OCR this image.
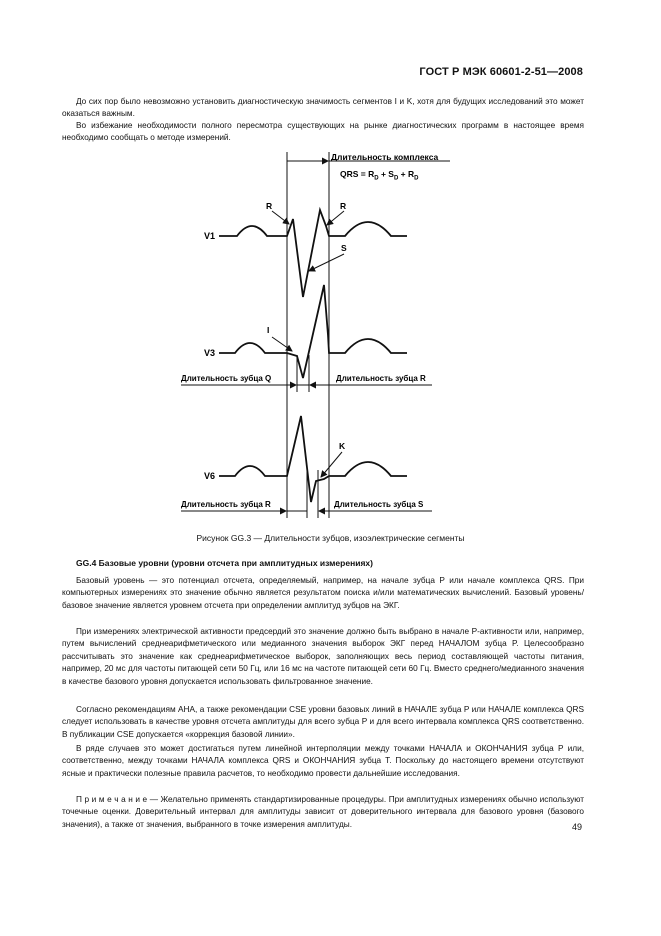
ГОСТ Р МЭК 60601-2-51—2008

До сих пор было невозможно установить диагностическую значимость сегментов I и K, хотя для будущих исследований это может оказаться важным.

Во избежание необходимости полного пересмотра существующих на рынке диагностических программ в настоящее время необходимо сообщать о методе измерений.

Длительность комплекса
QRS = $R_D + S_D + R_D$
V1
R	R
S
V3
I
Длительность зубца Q	Длительность зубца R
V6
K
Длительность зубца R	Длительность зубца S
Рисунок GG.3 — Длительности зубцов, изоэлектрические сегменты
GG.4 Базовые уровни (уровни отсчета при амплитудных измерениях)

Базовый уровень — это потенциал отсчета, определяемый, например, на начале зубца P или начале комплекса QRS. При компьютерных измерениях это значение обычно является результатом поиска и/или математических вычислений. Базовый уровень/базовое значение является уровнем отсчета при определении амплитуд зубцов на ЭКГ.

При измерениях электрической активности предсердий это значение должно быть выбрано в начале P-активности или, например, путем вычислений среднеарифметического или медианного значения выборок ЭКГ перед НАЧАЛОМ зубца P. Целесообразно рассчитывать это значение как среднеарифметическое выборок, заполняющих весь период составляющей частоты питания, например, 20 мс для частоты питающей сети 50 Гц, или 16 мс на частоте питающей сети 60 Гц. Вместо среднего/медианного значения в качестве базового уровня допускается использовать фильтрованное значение.

Согласно рекомендациям AHA, а также рекомендации CSE уровни базовых линий в НАЧАЛЕ зубца P или НАЧАЛЕ комплекса QRS следует использовать в качестве уровня отсчета амплитуды для всего зубца P и для всего интервала комплекса QRS соответственно. В публикации CSE допускается «коррекция базовой линии».

В ряде случаев это может достигаться путем линейной интерполяции между точками НАЧАЛА и ОКОНЧАНИЯ зубца P или, соответственно, между точками НАЧАЛА комплекса QRS и ОКОНЧАНИЯ зубца T. Поскольку до настоящего времени отсутствуют ясные и практически полезные правила расчетов, то необходимо провести дальнейшие исследования.

П р и м е ч а н и е — Желательно применять стандартизированные процедуры. При амплитудных измерениях обычно используют точечные оценки. Доверительный интервал для амплитуды зависит от доверительного интервала для базового уровня (базового значения), а также от значения, выбранного в точке измерения амплитуды.	49
